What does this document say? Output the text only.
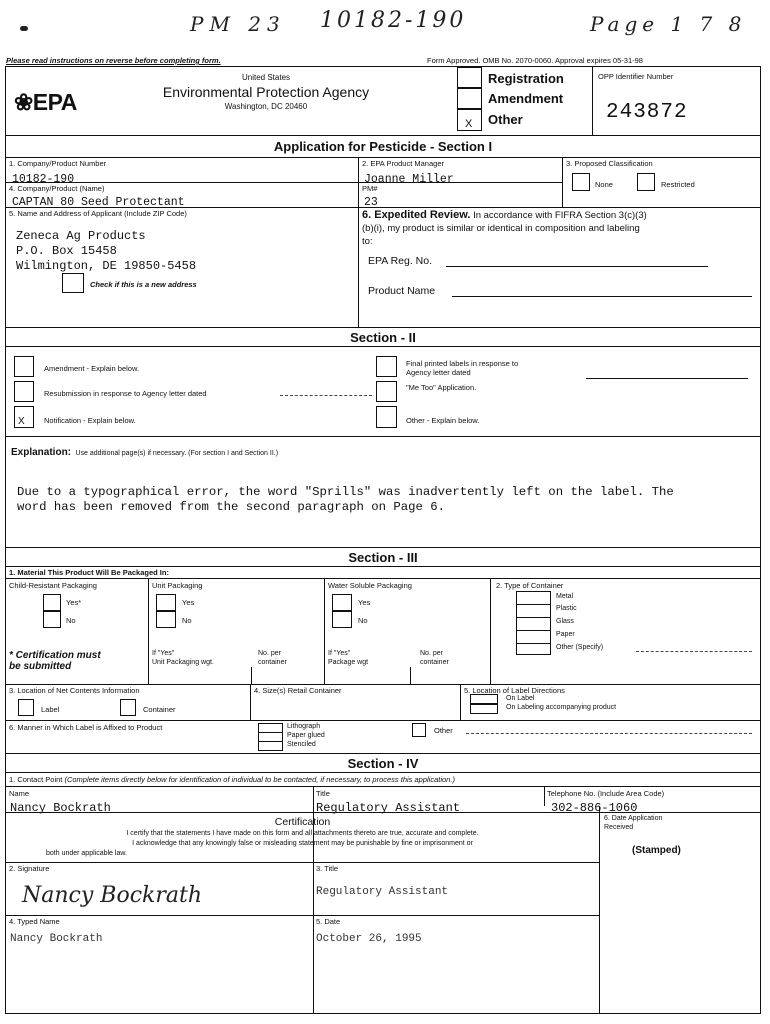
PM 23 10182-190	Page 1 7 8
Please read instructions on reverse before completing form.	Form Approved. OMB No. 2070-0060. Approval expires 05-31-98
❀EPA
United States
Environmental Protection Agency
Washington, DC 20460
X
Registration
Amendment
Other
OPP Identifier Number
243872
Application for Pesticide - Section I
1. Company/Product Number
10182-190
2. EPA Product Manager
Joanne Miller
3. Proposed Classification
None	Restricted
4. Company/Product (Name)
CAPTAN 80 Seed Protectant
PM#
23
5. Name and Address of Applicant (Include ZIP Code)
Zeneca Ag Products
P.O. Box 15458
Wilmington, DE 19850-5458
Check if this is a new address
6. Expedited Review. In accordance with FIFRA Section 3(c)(3)
(b)(i), my product is similar or identical in composition and labeling
to:
EPA Reg. No.
Product Name
Section - II
Amendment - Explain below.
Resubmission in response to Agency letter dated
X	Notification - Explain below.
Final printed labels in response to
Agency letter dated
"Me Too" Application.
Other - Explain below.
Explanation: Use additional page(s) if necessary. (For section I and Section II.)
Due to a typographical error, the word "Sprills" was inadvertently left on the label. The
word has been removed from the second paragraph on Page 6.
Section - III
1. Material This Product Will Be Packaged In:
Child-Resistant Packaging
Yes*
No
* Certification must
be submitted
Unit Packaging
Yes
No
If "Yes"
Unit Packaging wgt.
No. per
container
Water Soluble Packaging
Yes
No
If "Yes"
Package wgt
No. per
container
2. Type of Container
Metal
Plastic
Glass
Paper
Other (Specify)
3. Location of Net Contents Information
Label	Container
4. Size(s) Retail Container	5. Location of Label Directions
On Label
On Labeling accompanying product
6. Manner in Which Label is Affixed to Product	Lithograph
Paper glued
Stenciled
Other
Section - IV
1. Contact Point (Complete items directly below for identification of individual to be contacted, if necessary, to process this application.)
Name
Nancy Bockrath
Title
Regulatory Assistant
Telephone No. (Include Area Code)
302-886-1060
Certification
I certify that the statements I have made on this form and all attachments thereto are true, accurate and complete.
I acknowledge that any knowingly false or misleading statement may be punishable by fine or imprisonment or
both under applicable law.
6. Date Application
Received
(Stamped)
2. Signature
Nancy Bockrath
3. Title
Regulatory Assistant
4. Typed Name
Nancy Bockrath
5. Date
October 26, 1995
